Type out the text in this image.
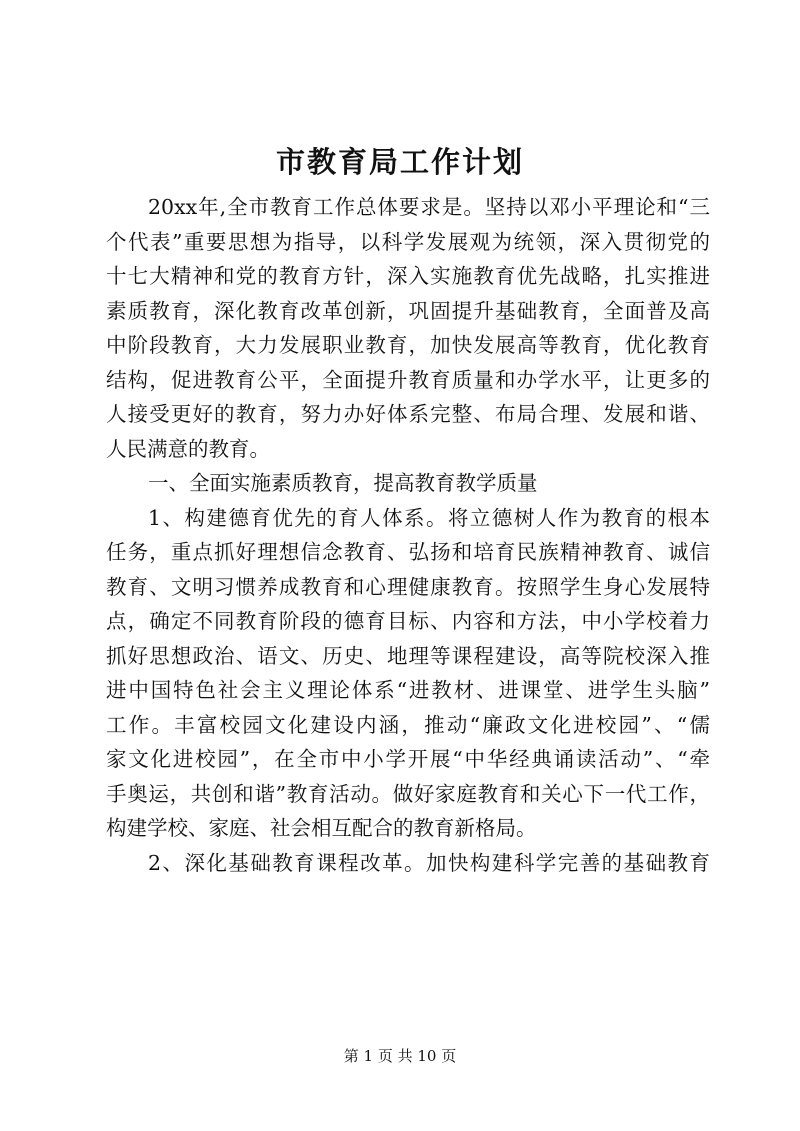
市教育局工作计划
20xx年,全市教育工作总体要求是。坚持以邓小平理论和“三
个代表”重要思想为指导，以科学发展观为统领，深入贯彻党的
十七大精神和党的教育方针，深入实施教育优先战略，扎实推进
素质教育，深化教育改革创新，巩固提升基础教育，全面普及高
中阶段教育，大力发展职业教育，加快发展高等教育，优化教育
结构，促进教育公平，全面提升教育质量和办学水平，让更多的
人接受更好的教育，努力办好体系完整、布局合理、发展和谐、
人民满意的教育。
一、全面实施素质教育，提高教育教学质量
1、构建德育优先的育人体系。将立德树人作为教育的根本
任务，重点抓好理想信念教育、弘扬和培育民族精神教育、诚信
教育、文明习惯养成教育和心理健康教育。按照学生身心发展特
点，确定不同教育阶段的德育目标、内容和方法，中小学校着力
抓好思想政治、语文、历史、地理等课程建设，高等院校深入推
进中国特色社会主义理论体系“进教材、进课堂、进学生头脑”
工作。丰富校园文化建设内涵，推动“廉政文化进校园”、“儒
家文化进校园”，在全市中小学开展“中华经典诵读活动”、“牵
手奥运，共创和谐”教育活动。做好家庭教育和关心下一代工作，
构建学校、家庭、社会相互配合的教育新格局。
2、深化基础教育课程改革。加快构建科学完善的基础教育
第 1 页 共 10 页
